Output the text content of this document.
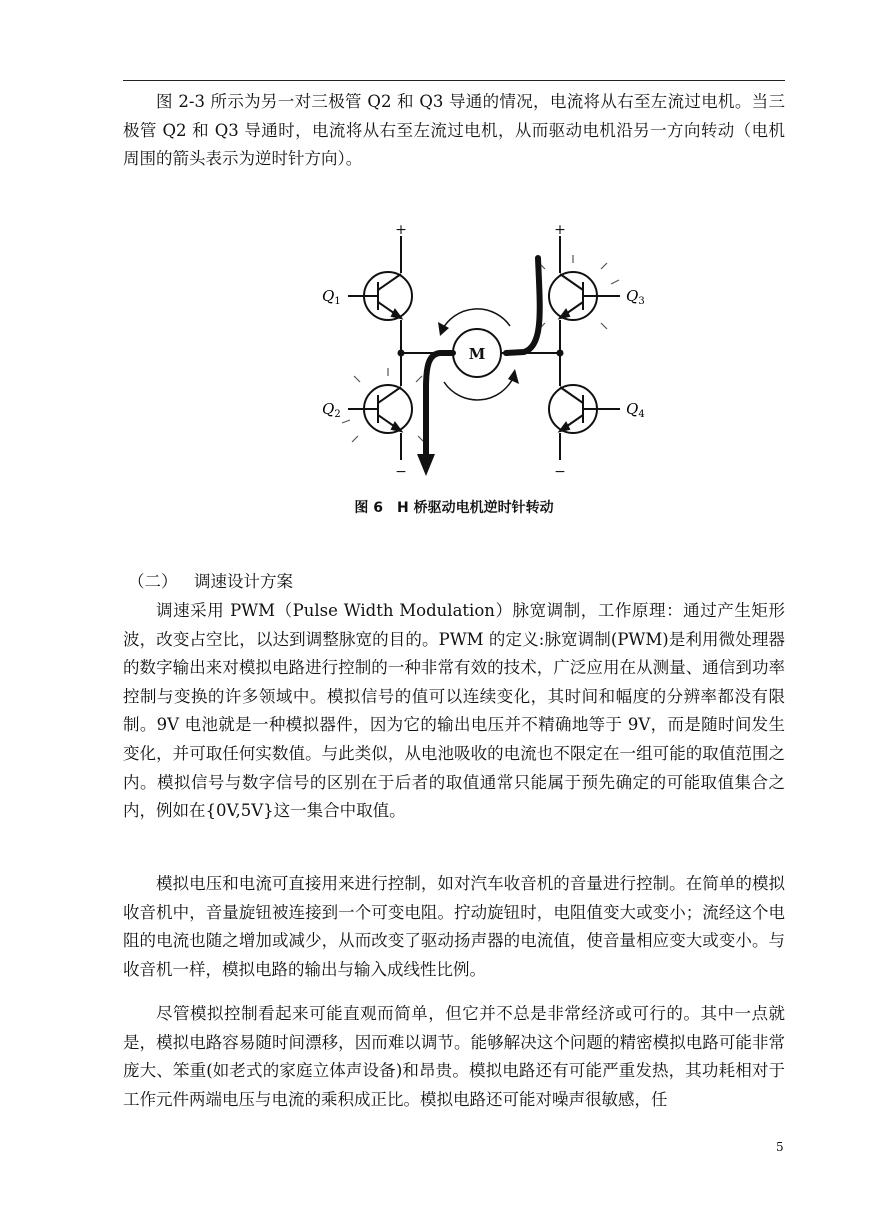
图 2-3 所示为另一对三极管 Q2 和 Q3 导通的情况，电流将从右至左流过电机。当三极管 Q2 和 Q3 导通时，电流将从右至左流过电机，从而驱动电机沿另一方向转动（电机周围的箭头表示为逆时针方向）。

M
+	+
−	−
$Q_1$
$Q_2$
$Q_3$
$Q_4$
图 6　H 桥驱动电机逆时针转动

（二） 调速设计方案

调速采用 PWM（Pulse Width Modulation）脉宽调制，工作原理：通过产生矩形波，改变占空比，以达到调整脉宽的目的。PWM 的定义:脉宽调制(PWM)是利用微处理器的数字输出来对模拟电路进行控制的一种非常有效的技术，广泛应用在从测量、通信到功率控制与变换的许多领域中。模拟信号的值可以连续变化，其时间和幅度的分辨率都没有限制。9V 电池就是一种模拟器件，因为它的输出电压并不精确地等于 9V，而是随时间发生变化，并可取任何实数值。与此类似，从电池吸收的电流也不限定在一组可能的取值范围之内。模拟信号与数字信号的区别在于后者的取值通常只能属于预先确定的可能取值集合之内，例如在{0V,5V}这一集合中取值。

模拟电压和电流可直接用来进行控制，如对汽车收音机的音量进行控制。在简单的模拟收音机中，音量旋钮被连接到一个可变电阻。拧动旋钮时，电阻值变大或变小；流经这个电阻的电流也随之增加或减少，从而改变了驱动扬声器的电流值，使音量相应变大或变小。与收音机一样，模拟电路的输出与输入成线性比例。

尽管模拟控制看起来可能直观而简单，但它并不总是非常经济或可行的。其中一点就是，模拟电路容易随时间漂移，因而难以调节。能够解决这个问题的精密模拟电路可能非常庞大、笨重(如老式的家庭立体声设备)和昂贵。模拟电路还有可能严重发热，其功耗相对于工作元件两端电压与电流的乘积成正比。模拟电路还可能对噪声很敏感，任

5
